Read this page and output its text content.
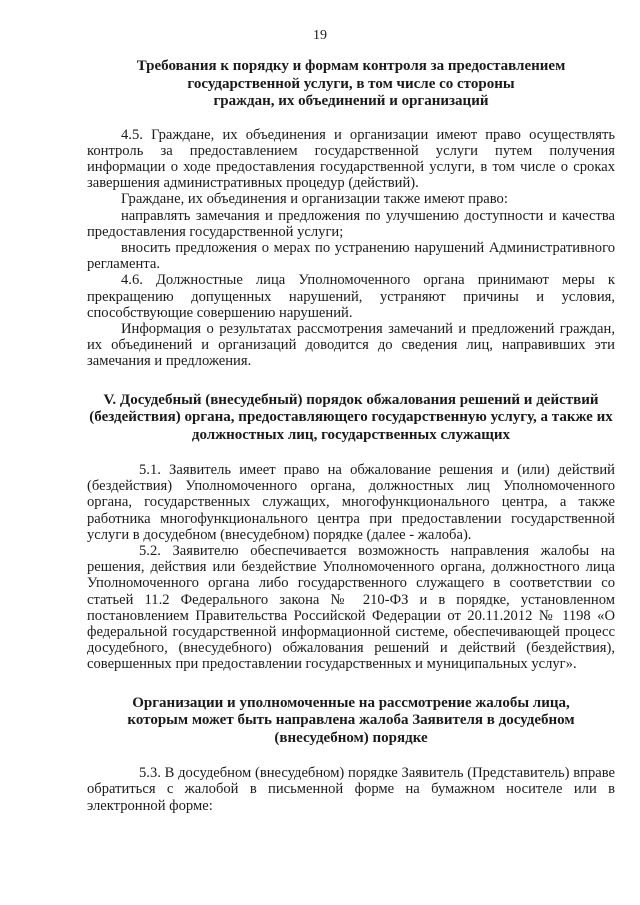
19
Требования к порядку и формам контроля за предоставлением
государственной услуги, в том числе со стороны
граждан, их объединений и организаций

4.5. Граждане, их объединения и организации имеют право осуществлять контроль за предоставлением государственной услуги путем получения информации о ходе предоставления государственной услуги, в том числе о сроках завершения административных процедур (действий).

Граждане, их объединения и организации также имеют право:

направлять замечания и предложения по улучшению доступности и качества предоставления государственной услуги;

вносить предложения о мерах по устранению нарушений Административного регламента.

4.6. Должностные лица Уполномоченного органа принимают меры к прекращению допущенных нарушений, устраняют причины и условия, способствующие совершению нарушений.

Информация о результатах рассмотрения замечаний и предложений граждан, их объединений и организаций доводится до сведения лиц, направивших эти замечания и предложения.

V. Досудебный (внесудебный) порядок обжалования решений и действий
(бездействия) органа, предоставляющего государственную услугу, а также их
должностных лиц, государственных служащих

5.1. Заявитель имеет право на обжалование решения и (или) действий (бездействия) Уполномоченного органа, должностных лиц Уполномоченного органа, государственных служащих, многофункционального центра, а также работника многофункционального центра при предоставлении государственной услуги в досудебном (внесудебном) порядке (далее - жалоба).

5.2. Заявителю обеспечивается возможность направления жалобы на решения, действия или бездействие Уполномоченного органа, должностного лица Уполномоченного органа либо государственного служащего в соответствии со статьей 11.2 Федерального закона № 210-ФЗ и в порядке, установленном постановлением Правительства Российской Федерации от 20.11.2012 № 1198 «О федеральной государственной информационной системе, обеспечивающей процесс досудебного, (внесудебного) обжалования решений и действий (бездействия), совершенных при предоставлении государственных и муниципальных услуг».

Организации и уполномоченные на рассмотрение жалобы лица,
которым может быть направлена жалоба Заявителя в досудебном
(внесудебном) порядке

5.3. В досудебном (внесудебном) порядке Заявитель (Представитель) вправе обратиться с жалобой в письменной форме на бумажном носителе или в электронной форме:
